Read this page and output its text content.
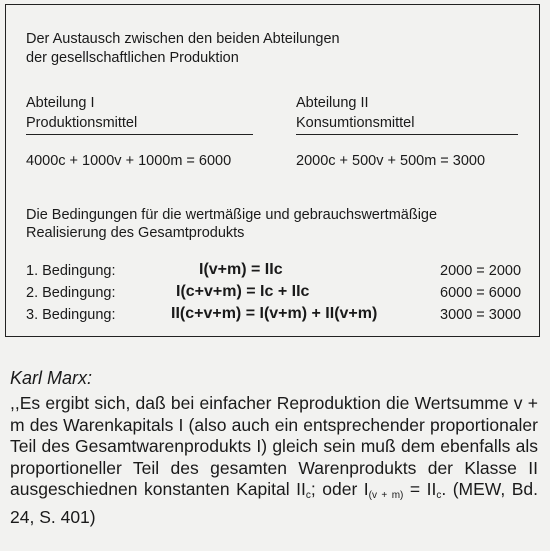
Der Austausch zwischen den beiden Abteilungen
der gesellschaftlichen Produktion
Abteilung I
Produktionsmittel
Abteilung II
Konsumtionsmittel
4000c + 1000v + 1000m = 6000	2000c + 500v + 500m = 3000
Die Bedingungen für die wertmäßige und gebrauchswertmäßige
Realisierung des Gesamtprodukts
1. Bedingung:	I(v+m) = IIc	2000 = 2000
2. Bedingung:	I(c+v+m) = Ic + IIc	6000 = 6000
3. Bedingung:	II(c+v+m) = I(v+m) + II(v+m)	3000 = 3000
Karl Marx:
,,Es ergibt sich, daß bei einfacher Reproduktion die Wertsumme v + m des Warenkapitals I (also auch ein entsprechender proportionaler Teil des Gesamtwarenprodukts I) gleich sein muß dem ebenfalls als proportioneller Teil des gesamten Warenprodukts der Klasse II ausgeschiednen konstanten Kapital $II_c$; oder $I_{(v + m)} = II_c$. (MEW, Bd. 24, S. 401)
